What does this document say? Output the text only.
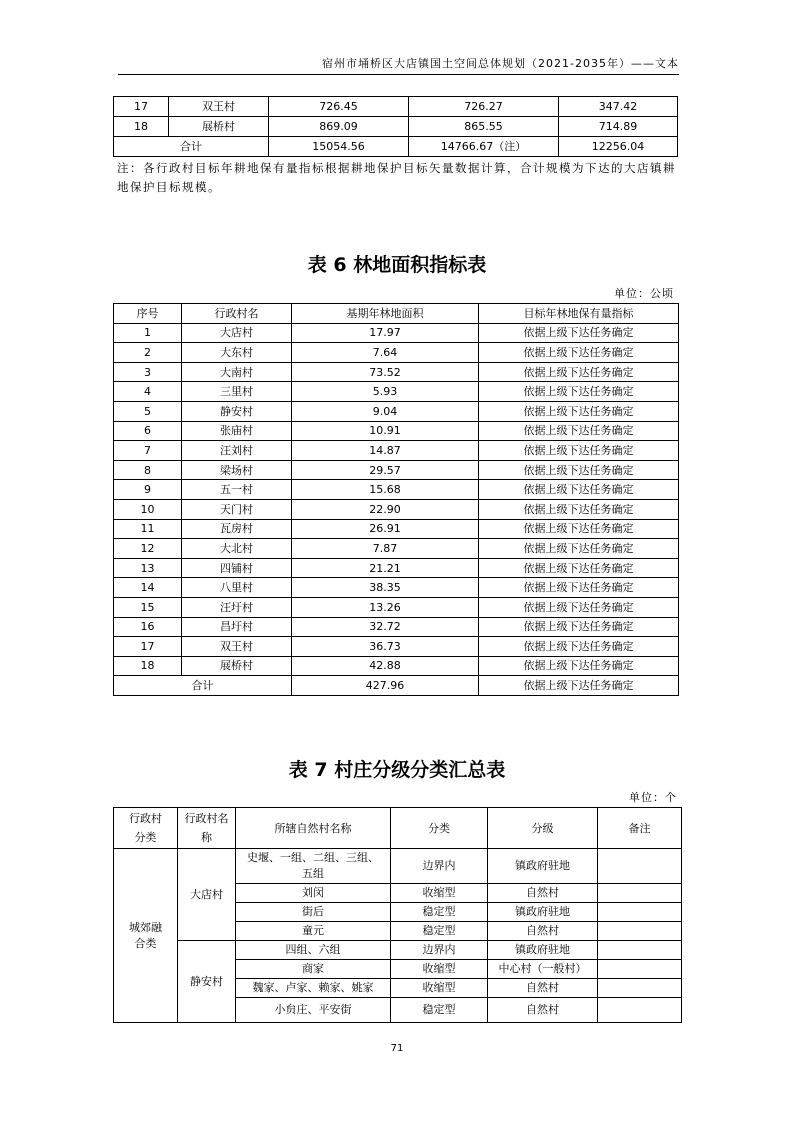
宿州市埇桥区大店镇国土空间总体规划（2021-2035年）——文本
17	双王村	726.45	726.27	347.42
18	展桥村	869.09	865.55	714.89
合计		15054.56	14766.67（注）	12256.04
注：各行政村目标年耕地保有量指标根据耕地保护目标矢量数据计算，合计规模为下达的大店镇耕地保护目标规模。
表 6 林地面积指标表
单位：公顷
序号	行政村名	基期年林地面积	目标年林地保有量指标
1	大店村	17.97	依据上级下达任务确定
2	大东村	7.64	依据上级下达任务确定
3	大南村	73.52	依据上级下达任务确定
4	三里村	5.93	依据上级下达任务确定
5	静安村	9.04	依据上级下达任务确定
6	张庙村	10.91	依据上级下达任务确定
7	汪刘村	14.87	依据上级下达任务确定
8	梁场村	29.57	依据上级下达任务确定
9	五一村	15.68	依据上级下达任务确定
10	天门村	22.90	依据上级下达任务确定
11	瓦房村	26.91	依据上级下达任务确定
12	大北村	7.87	依据上级下达任务确定
13	四铺村	21.21	依据上级下达任务确定
14	八里村	38.35	依据上级下达任务确定
15	汪圩村	13.26	依据上级下达任务确定
16	昌圩村	32.72	依据上级下达任务确定
17	双王村	36.73	依据上级下达任务确定
18	展桥村	42.88	依据上级下达任务确定
合计		427.96	依据上级下达任务确定
表 7 村庄分级分类汇总表
单位：个
行政村分类	行政村名称	所辖自然村名称	分类	分级	备注
城郊融合类	大店村	史堰、一组、二组、三组、五组	边界内	镇政府驻地	
		刘闵	收缩型	自然村	
		街后	稳定型	镇政府驻地	
		童元	稳定型	自然村	
	静安村	四组、六组	边界内	镇政府驻地	
		商家	收缩型	中心村（一般村）	
		魏家、卢家、赖家、姚家	收缩型	自然村	
		小贠庄、平安街	稳定型	自然村	
71
